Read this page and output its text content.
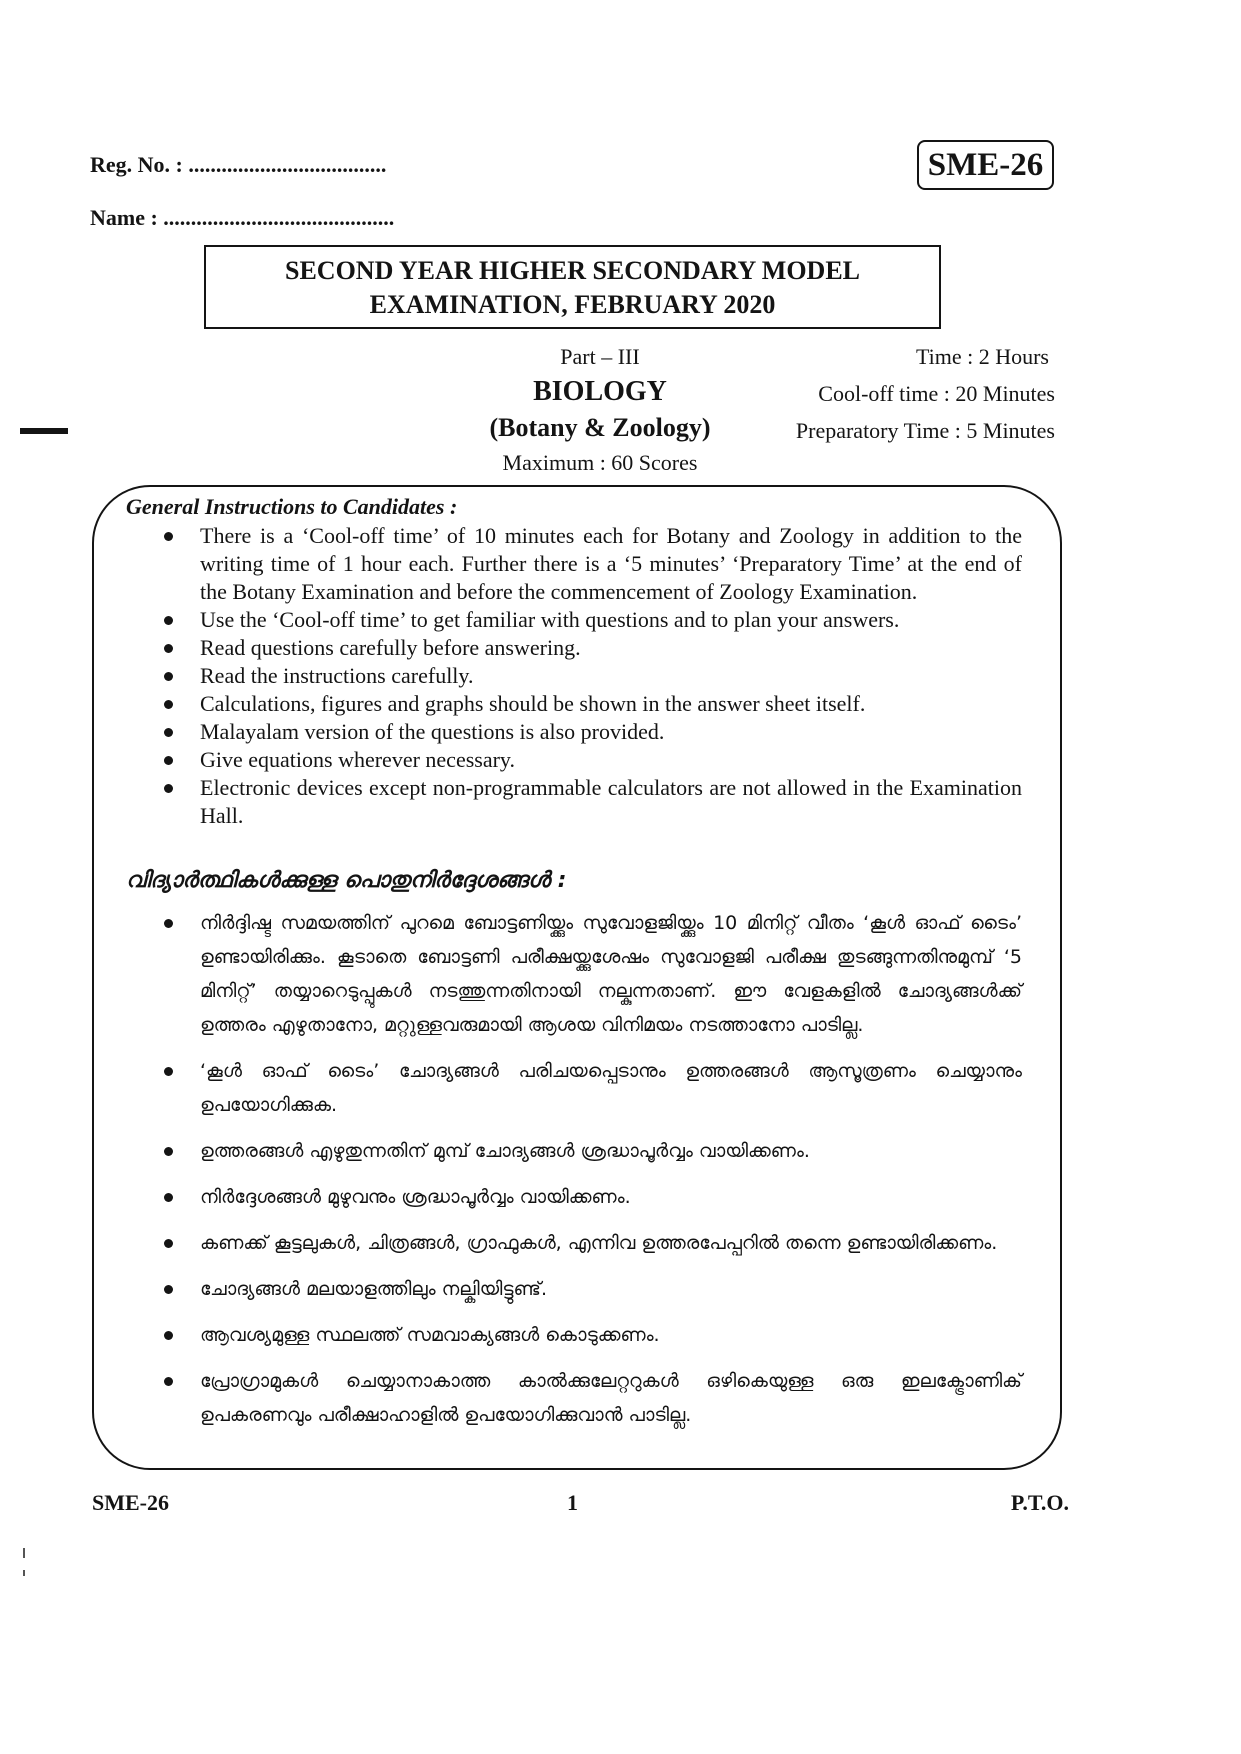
Reg. No. : ....................................
Name : ..........................................
SME-26
SECOND YEAR HIGHER SECONDARY MODEL
EXAMINATION, FEBRUARY 2020
Part – III
BIOLOGY
(Botany & Zoology)
Maximum : 60 Scores
Time : 2 Hours
Cool-off time : 20 Minutes
Preparatory Time : 5 Minutes
General Instructions to Candidates :
There is a ‘Cool-off time’ of 10 minutes each for Botany and Zoology in addition to the writing time of 1 hour each. Further there is a ‘5 minutes’ ‘Preparatory Time’ at the end of the Botany Examination and before the commencement of Zoology Examination.
Use the ‘Cool-off time’ to get familiar with questions and to plan your answers.
Read questions carefully before answering.
Read the instructions carefully.
Calculations, figures and graphs should be shown in the answer sheet itself.
Malayalam version of the questions is also provided.
Give equations wherever necessary.
Electronic devices except non-programmable calculators are not allowed in the Examination Hall.
വിദ്യാർത്ഥികൾക്കുള്ള പൊതുനിർദ്ദേശങ്ങൾ :
നിർദ്ദിഷ്ട സമയത്തിന് പുറമെ ബോട്ടണിയ്ക്കും സുവോളജിയ്ക്കും 10 മിനിറ്റ് വീതം ‘കൂൾ ഓഫ് ടൈം’ ഉണ്ടായിരിക്കും. കൂടാതെ ബോട്ടണി പരീക്ഷയ്ക്കുശേഷം സുവോളജി പരീക്ഷ തുടങ്ങുന്നതിനുമുമ്പ് ‘5 മിനിറ്റ്’ തയ്യാറെടുപ്പുകൾ നടത്തുന്നതിനായി നല്കുന്നതാണ്. ഈ വേളകളിൽ ചോദ്യങ്ങൾക്ക് ഉത്തരം എഴുതാനോ, മറ്റുള്ളവരുമായി ആശയ വിനിമയം നടത്താനോ പാടില്ല.
‘കൂൾ ഓഫ് ടൈം’ ചോദ്യങ്ങൾ പരിചയപ്പെടാനും ഉത്തരങ്ങൾ ആസൂത്രണം ചെയ്യാനും ഉപയോഗിക്കുക.
ഉത്തരങ്ങൾ എഴുതുന്നതിന് മുമ്പ് ചോദ്യങ്ങൾ ശ്രദ്ധാപൂർവ്വം വായിക്കണം.
നിർദ്ദേശങ്ങൾ മുഴുവനും ശ്രദ്ധാപൂർവ്വം വായിക്കണം.
കണക്ക് കൂട്ടലുകൾ, ചിത്രങ്ങൾ, ഗ്രാഫുകൾ, എന്നിവ ഉത്തരപേപ്പറിൽ തന്നെ ഉണ്ടായിരിക്കണം.
ചോദ്യങ്ങൾ മലയാളത്തിലും നല്കിയിട്ടുണ്ട്.
ആവശ്യമുള്ള സ്ഥലത്ത് സമവാക്യങ്ങൾ കൊടുക്കണം.
പ്രോഗ്രാമുകൾ ചെയ്യാനാകാത്ത കാൽക്കുലേറ്ററുകൾ ഒഴികെയുള്ള ഒരു ഇലക്ട്രോണിക് ഉപകരണവും പരീക്ഷാഹാളിൽ ഉപയോഗിക്കുവാൻ പാടില്ല.
SME-26	1	P.T.O.
